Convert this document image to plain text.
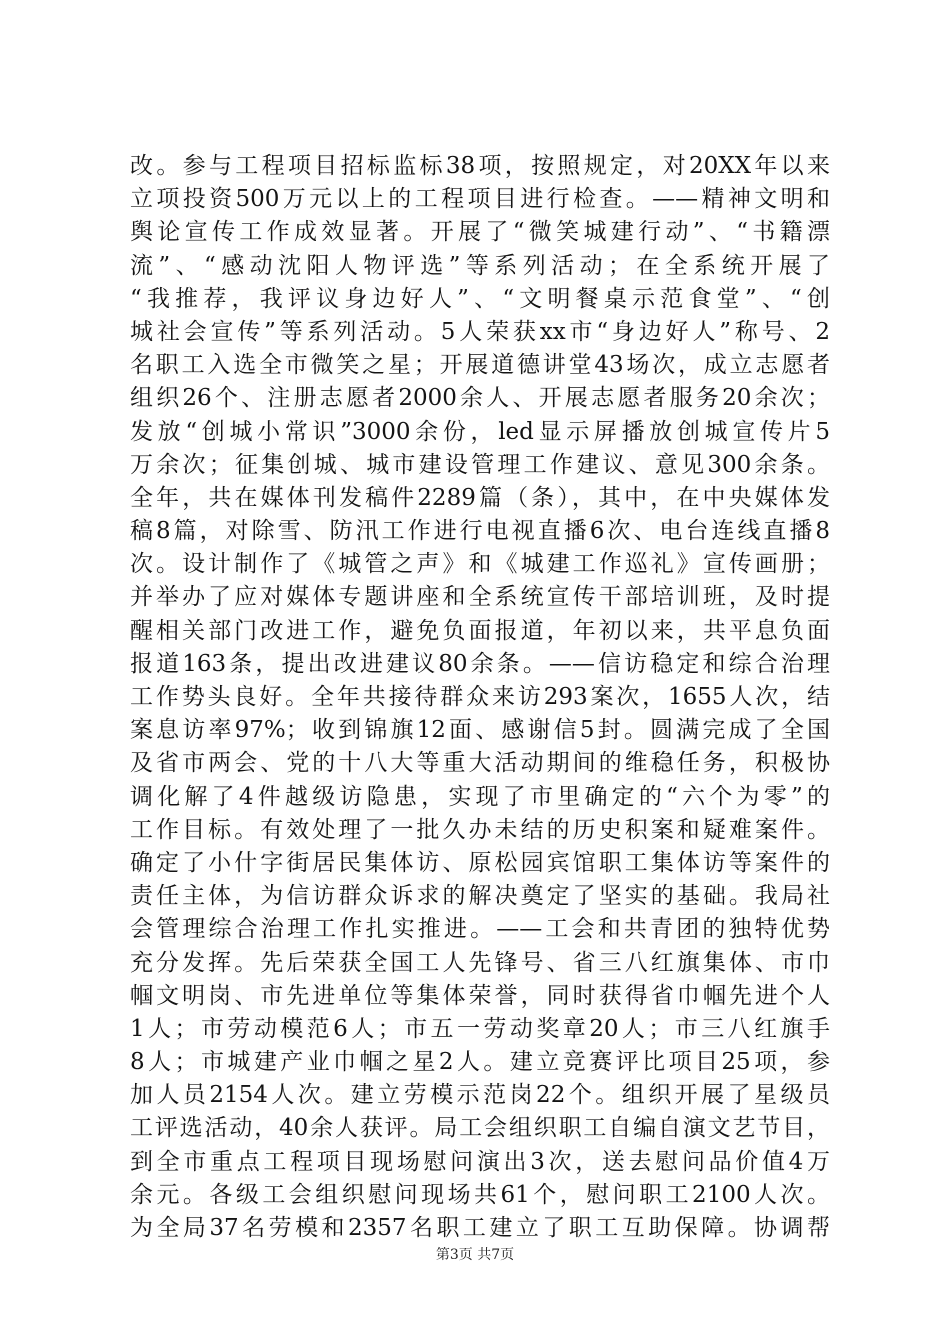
改。参与工程项目招标监标38项，按照规定，对20XX年以来
立项投资500万元以上的工程项目进行检查。——精神文明和
舆论宣传工作成效显著。开展了“微笑城建行动”、“书籍漂
流”、“感动沈阳人物评选”等系列活动；在全系统开展了
“我推荐，我评议身边好人”、“文明餐桌示范食堂”、“创
城社会宣传”等系列活动。5人荣获xx市“身边好人”称号、2
名职工入选全市微笑之星；开展道德讲堂43场次，成立志愿者
组织26个、注册志愿者2000余人、开展志愿者服务20余次；
发放“创城小常识”3000余份，led显示屏播放创城宣传片5
万余次；征集创城、城市建设管理工作建议、意见300余条。
全年，共在媒体刊发稿件2289篇（条），其中，在中央媒体发
稿8篇，对除雪、防汛工作进行电视直播6次、电台连线直播8
次。设计制作了《城管之声》和《城建工作巡礼》宣传画册；
并举办了应对媒体专题讲座和全系统宣传干部培训班，及时提
醒相关部门改进工作，避免负面报道，年初以来，共平息负面
报道163条，提出改进建议80余条。——信访稳定和综合治理
工作势头良好。全年共接待群众来访293案次，1655人次，结
案息访率97%；收到锦旗12面、感谢信5封。圆满完成了全国
及省市两会、党的十八大等重大活动期间的维稳任务，积极协
调化解了4件越级访隐患，实现了市里确定的“六个为零”的
工作目标。有效处理了一批久办未结的历史积案和疑难案件。
确定了小什字街居民集体访、原松园宾馆职工集体访等案件的
责任主体，为信访群众诉求的解决奠定了坚实的基础。我局社
会管理综合治理工作扎实推进。——工会和共青团的独特优势
充分发挥。先后荣获全国工人先锋号、省三八红旗集体、市巾
帼文明岗、市先进单位等集体荣誉，同时获得省巾帼先进个人
1人；市劳动模范6人；市五一劳动奖章20人；市三八红旗手
8人；市城建产业巾帼之星2人。建立竞赛评比项目25项，参
加人员2154人次。建立劳模示范岗22个。组织开展了星级员
工评选活动，40余人获评。局工会组织职工自编自演文艺节目，
到全市重点工程项目现场慰问演出3次，送去慰问品价值4万
余元。各级工会组织慰问现场共61个，慰问职工2100人次。
为全局37名劳模和2357名职工建立了职工互助保障。协调帮
第3页 共7页
